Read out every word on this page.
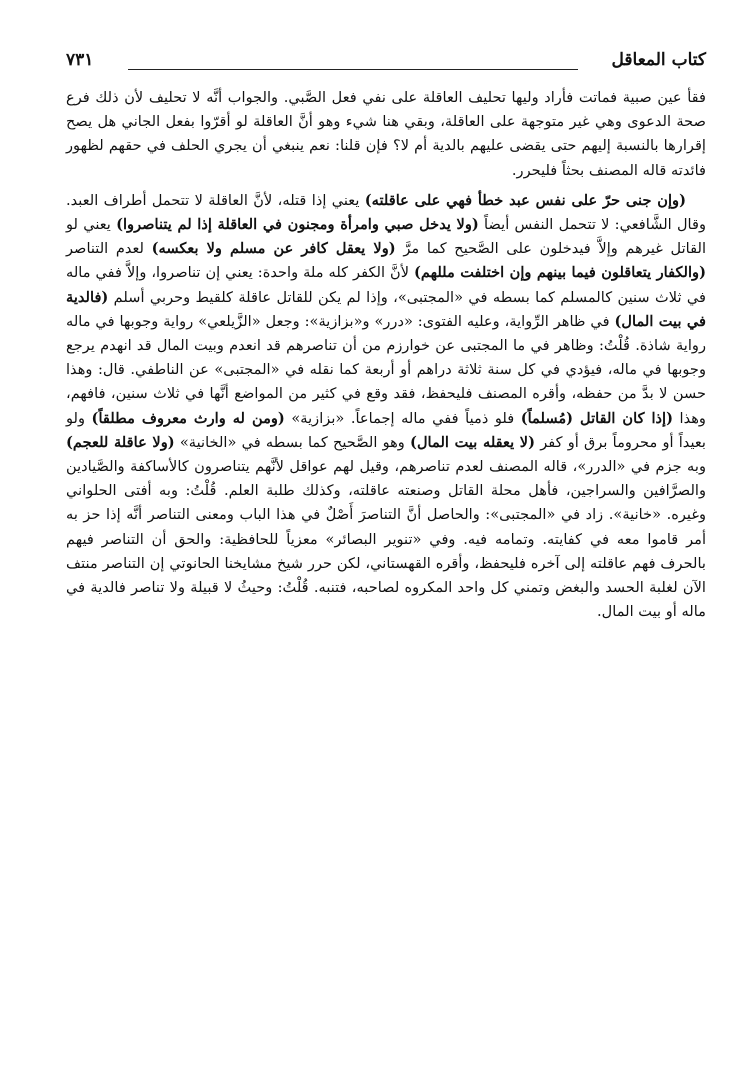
كتاب المعاقل
٧٣١

فقأ عين صبية فماتت فأراد وليها تحليف العاقلة على نفي فعل الصَّبي. والجواب أنَّه لا تحليف لأن ذلك فرع صحة الدعوى وهي غير متوجهة على العاقلة، وبقي هنا شيء وهو أنَّ العاقلة لو أقرّوا بفعل الجاني هل يصح إقرارها بالنسبة إليهم حتى يقضى عليهم بالدية أم لا؟ فإن قلنا: نعم ينبغي أن يجري الحلف في حقهم لظهور فائدته قاله المصنف بحثاً فليحرر.

(وإن جنى حرّ على نفس عبد خطأ فهي على عاقلته) يعني إذا قتله، لأنَّ العاقلة لا تتحمل أطراف العبد. وقال الشَّافعي: لا تتحمل النفس أيضاً (ولا يدخل صبي وامرأة ومجنون في العاقلة إذا لم يتناصروا) يعني لو القاتل غيرهم وإلاَّ فيدخلون على الصَّحيح كما مرَّ (ولا يعقل كافر عن مسلم ولا بعكسه) لعدم التناصر (والكفار يتعاقلون فيما بينهم وإن اختلفت مللهم) لأنَّ الكفر كله ملة واحدة: يعني إن تناصروا، وإلاَّ ففي ماله في ثلاث سنين كالمسلم كما بسطه في «المجتبى»، وإذا لم يكن للقاتل عاقلة كلقيط وحربي أسلم (فالدية في بيت المال) في ظاهر الرِّواية، وعليه الفتوى: «درر» و«بزازية»: وجعل «الزَّيلعي» رواية وجوبها في ماله رواية شاذة. قُلْتُ: وظاهر في ما المجتبى عن خوارزم من أن تناصرهم قد انعدم وبيت المال قد انهدم يرجع وجوبها في ماله، فيؤدي في كل سنة ثلاثة دراهم أو أربعة كما نقله في «المجتبى» عن الناطفي. قال: وهذا حسن لا بدَّ من حفظه، وأقره المصنف فليحفظ، فقد وقع في كثير من المواضع أنَّها في ثلاث سنين، فافهم، وهذا (إذا كان القاتل (مُسلماً) فلو ذمياً ففي ماله إجماعاً. «بزازية» (ومن له وارث معروف مطلقاً) ولو بعيداً أو محروماً برق أو كفر (لا يعقله بيت المال) وهو الصَّحيح كما بسطه في «الخانية» (ولا عاقلة للعجم) وبه جزم في «الدرر»، قاله المصنف لعدم تناصرهم، وقيل لهم عواقل لأنَّهم يتناصرون كالأساكفة والصَّيادين والصرَّافين والسراجين، فأهل محلة القاتل وصنعته عاقلته، وكذلك طلبة العلم. قُلْتُ: وبه أفتى الحلواني وغيره. «خانية». زاد في «المجتبى»: والحاصل أنَّ التناصرَ أَصْلٌ في هذا الباب ومعنى التناصر أنَّه إذا حز به أمر قاموا معه في كفايته. وتمامه فيه. وفي «تنوير البصائر» معزياً للحافظية: والحق أن التناصر فيهم بالحرف فهم عاقلته إلى آخره فليحفظ، وأقره القهستاني، لكن حرر شيخ مشايخنا الحانوتي إن التناصر منتف الآن لغلبة الحسد والبغض وتمني كل واحد المكروه لصاحبه، فتنبه. قُلْتُ: وحيثُ لا قبيلة ولا تناصر فالدية في ماله أو بيت المال.
